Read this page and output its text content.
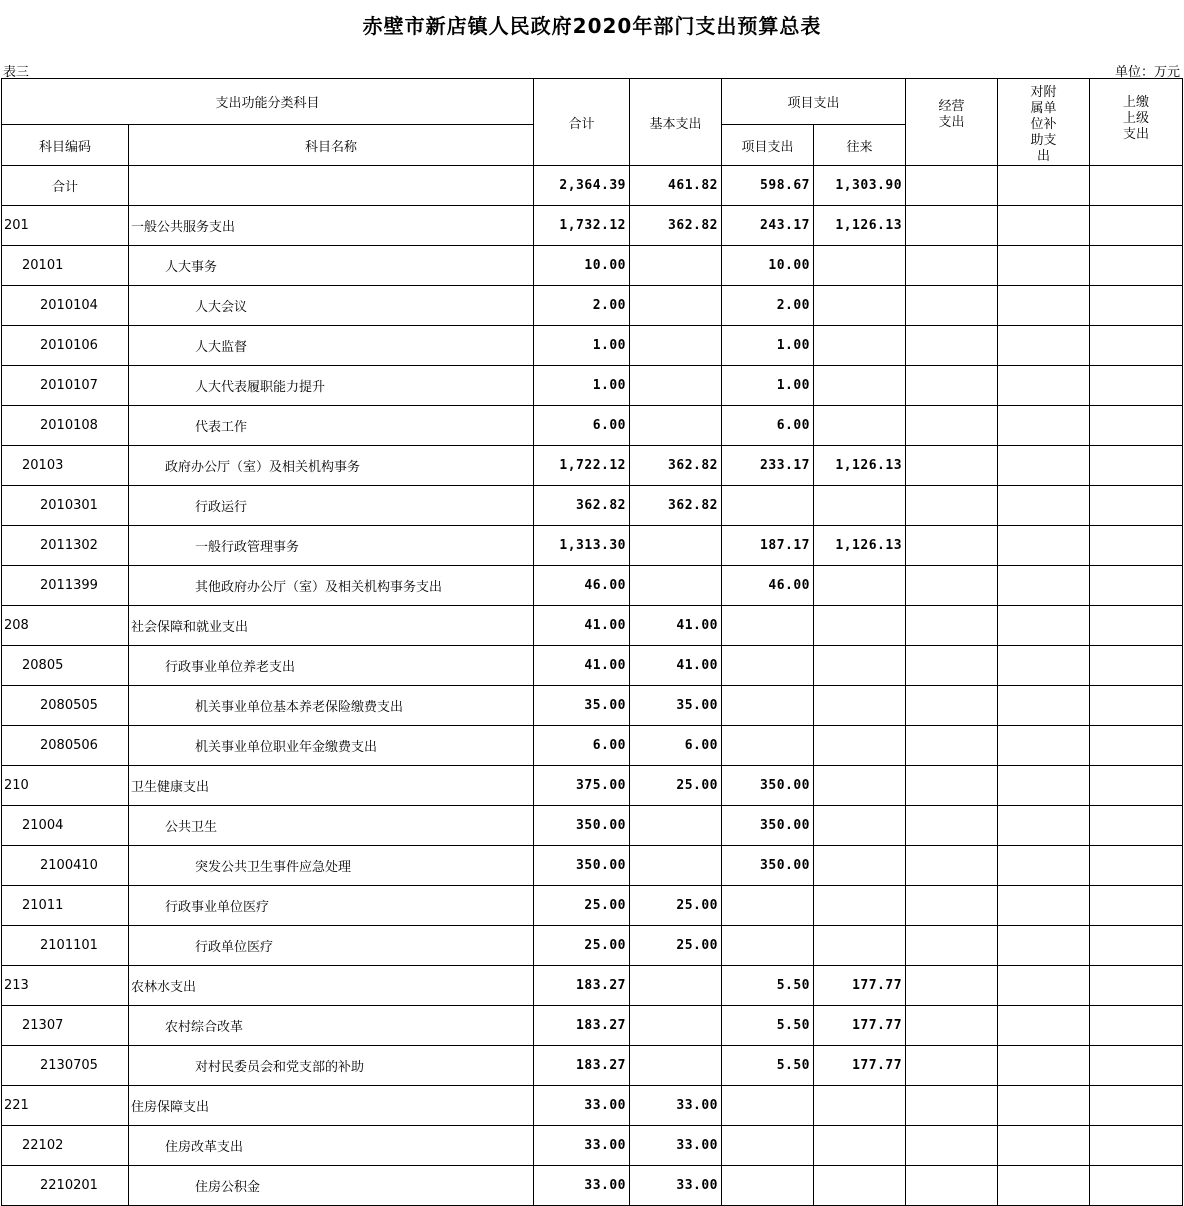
赤壁市新店镇人民政府2020年部门支出预算总表
表三	单位：万元
支出功能分类科目		合计	基本支出	项目支出		经营支出	对附属单位补助支出	上缴上级支出

科目编码	科目名称			项目支出	往来			
合计		2,364.39	461.82	598.67	1,303.90			
201	一般公共服务支出	1,732.12	362.82	243.17	1,126.13			
20101	人大事务	10.00		10.00				
2010104	人大会议	2.00		2.00				
2010106	人大监督	1.00		1.00				
2010107	人大代表履职能力提升	1.00		1.00				
2010108	代表工作	6.00		6.00				
20103	政府办公厅（室）及相关机构事务	1,722.12	362.82	233.17	1,126.13			
2010301	行政运行	362.82	362.82					
2011302	一般行政管理事务	1,313.30		187.17	1,126.13			
2011399	其他政府办公厅（室）及相关机构事务支出	46.00		46.00				
208	社会保障和就业支出	41.00	41.00					
20805	行政事业单位养老支出	41.00	41.00					
2080505	机关事业单位基本养老保险缴费支出	35.00	35.00					
2080506	机关事业单位职业年金缴费支出	6.00	6.00					
210	卫生健康支出	375.00	25.00	350.00				
21004	公共卫生	350.00		350.00				
2100410	突发公共卫生事件应急处理	350.00		350.00				
21011	行政事业单位医疗	25.00	25.00					
2101101	行政单位医疗	25.00	25.00					
213	农林水支出	183.27		5.50	177.77			
21307	农村综合改革	183.27		5.50	177.77			
2130705	对村民委员会和党支部的补助	183.27		5.50	177.77			
221	住房保障支出	33.00	33.00					
22102	住房改革支出	33.00	33.00					
2210201	住房公积金	33.00	33.00					
